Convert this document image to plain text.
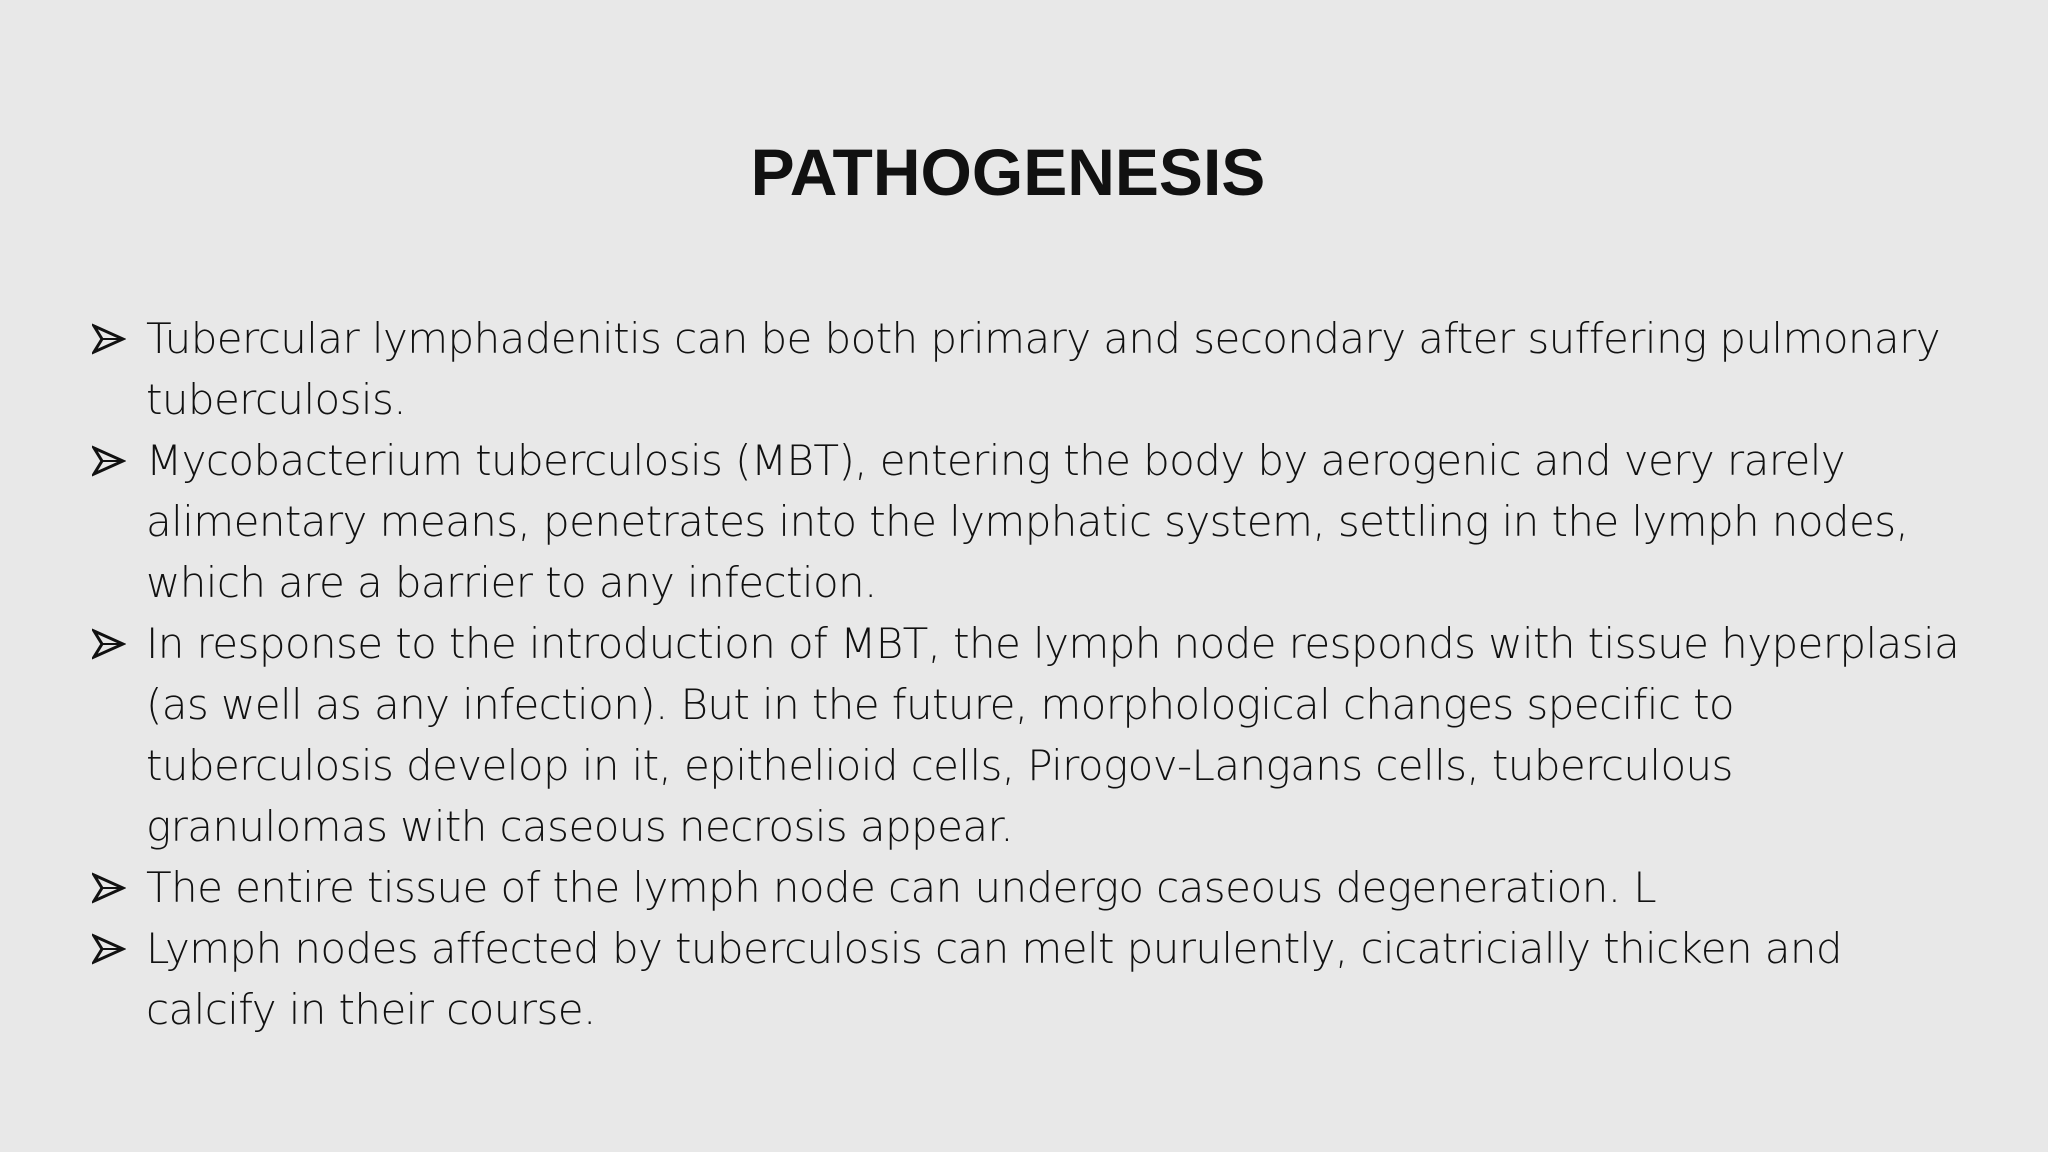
PATHOGENESIS
Tubercular lymphadenitis can be both primary and secondary after suffering pulmonary tuberculosis.
Mycobacterium tuberculosis (MBT), entering the body by aerogenic and very rarely alimentary means, penetrates into the lymphatic system, settling in the lymph nodes, which are a barrier to any infection.
In response to the introduction of MBT, the lymph node responds with tissue hyperplasia (as well as any infection). But in the future, morphological changes specific to tuberculosis develop in it, epithelioid cells, Pirogov-Langans cells, tuberculous granulomas with caseous necrosis appear.
The entire tissue of the lymph node can undergo caseous degeneration. L
Lymph nodes affected by tuberculosis can melt purulently, cicatricially thicken and calcify in their course.
